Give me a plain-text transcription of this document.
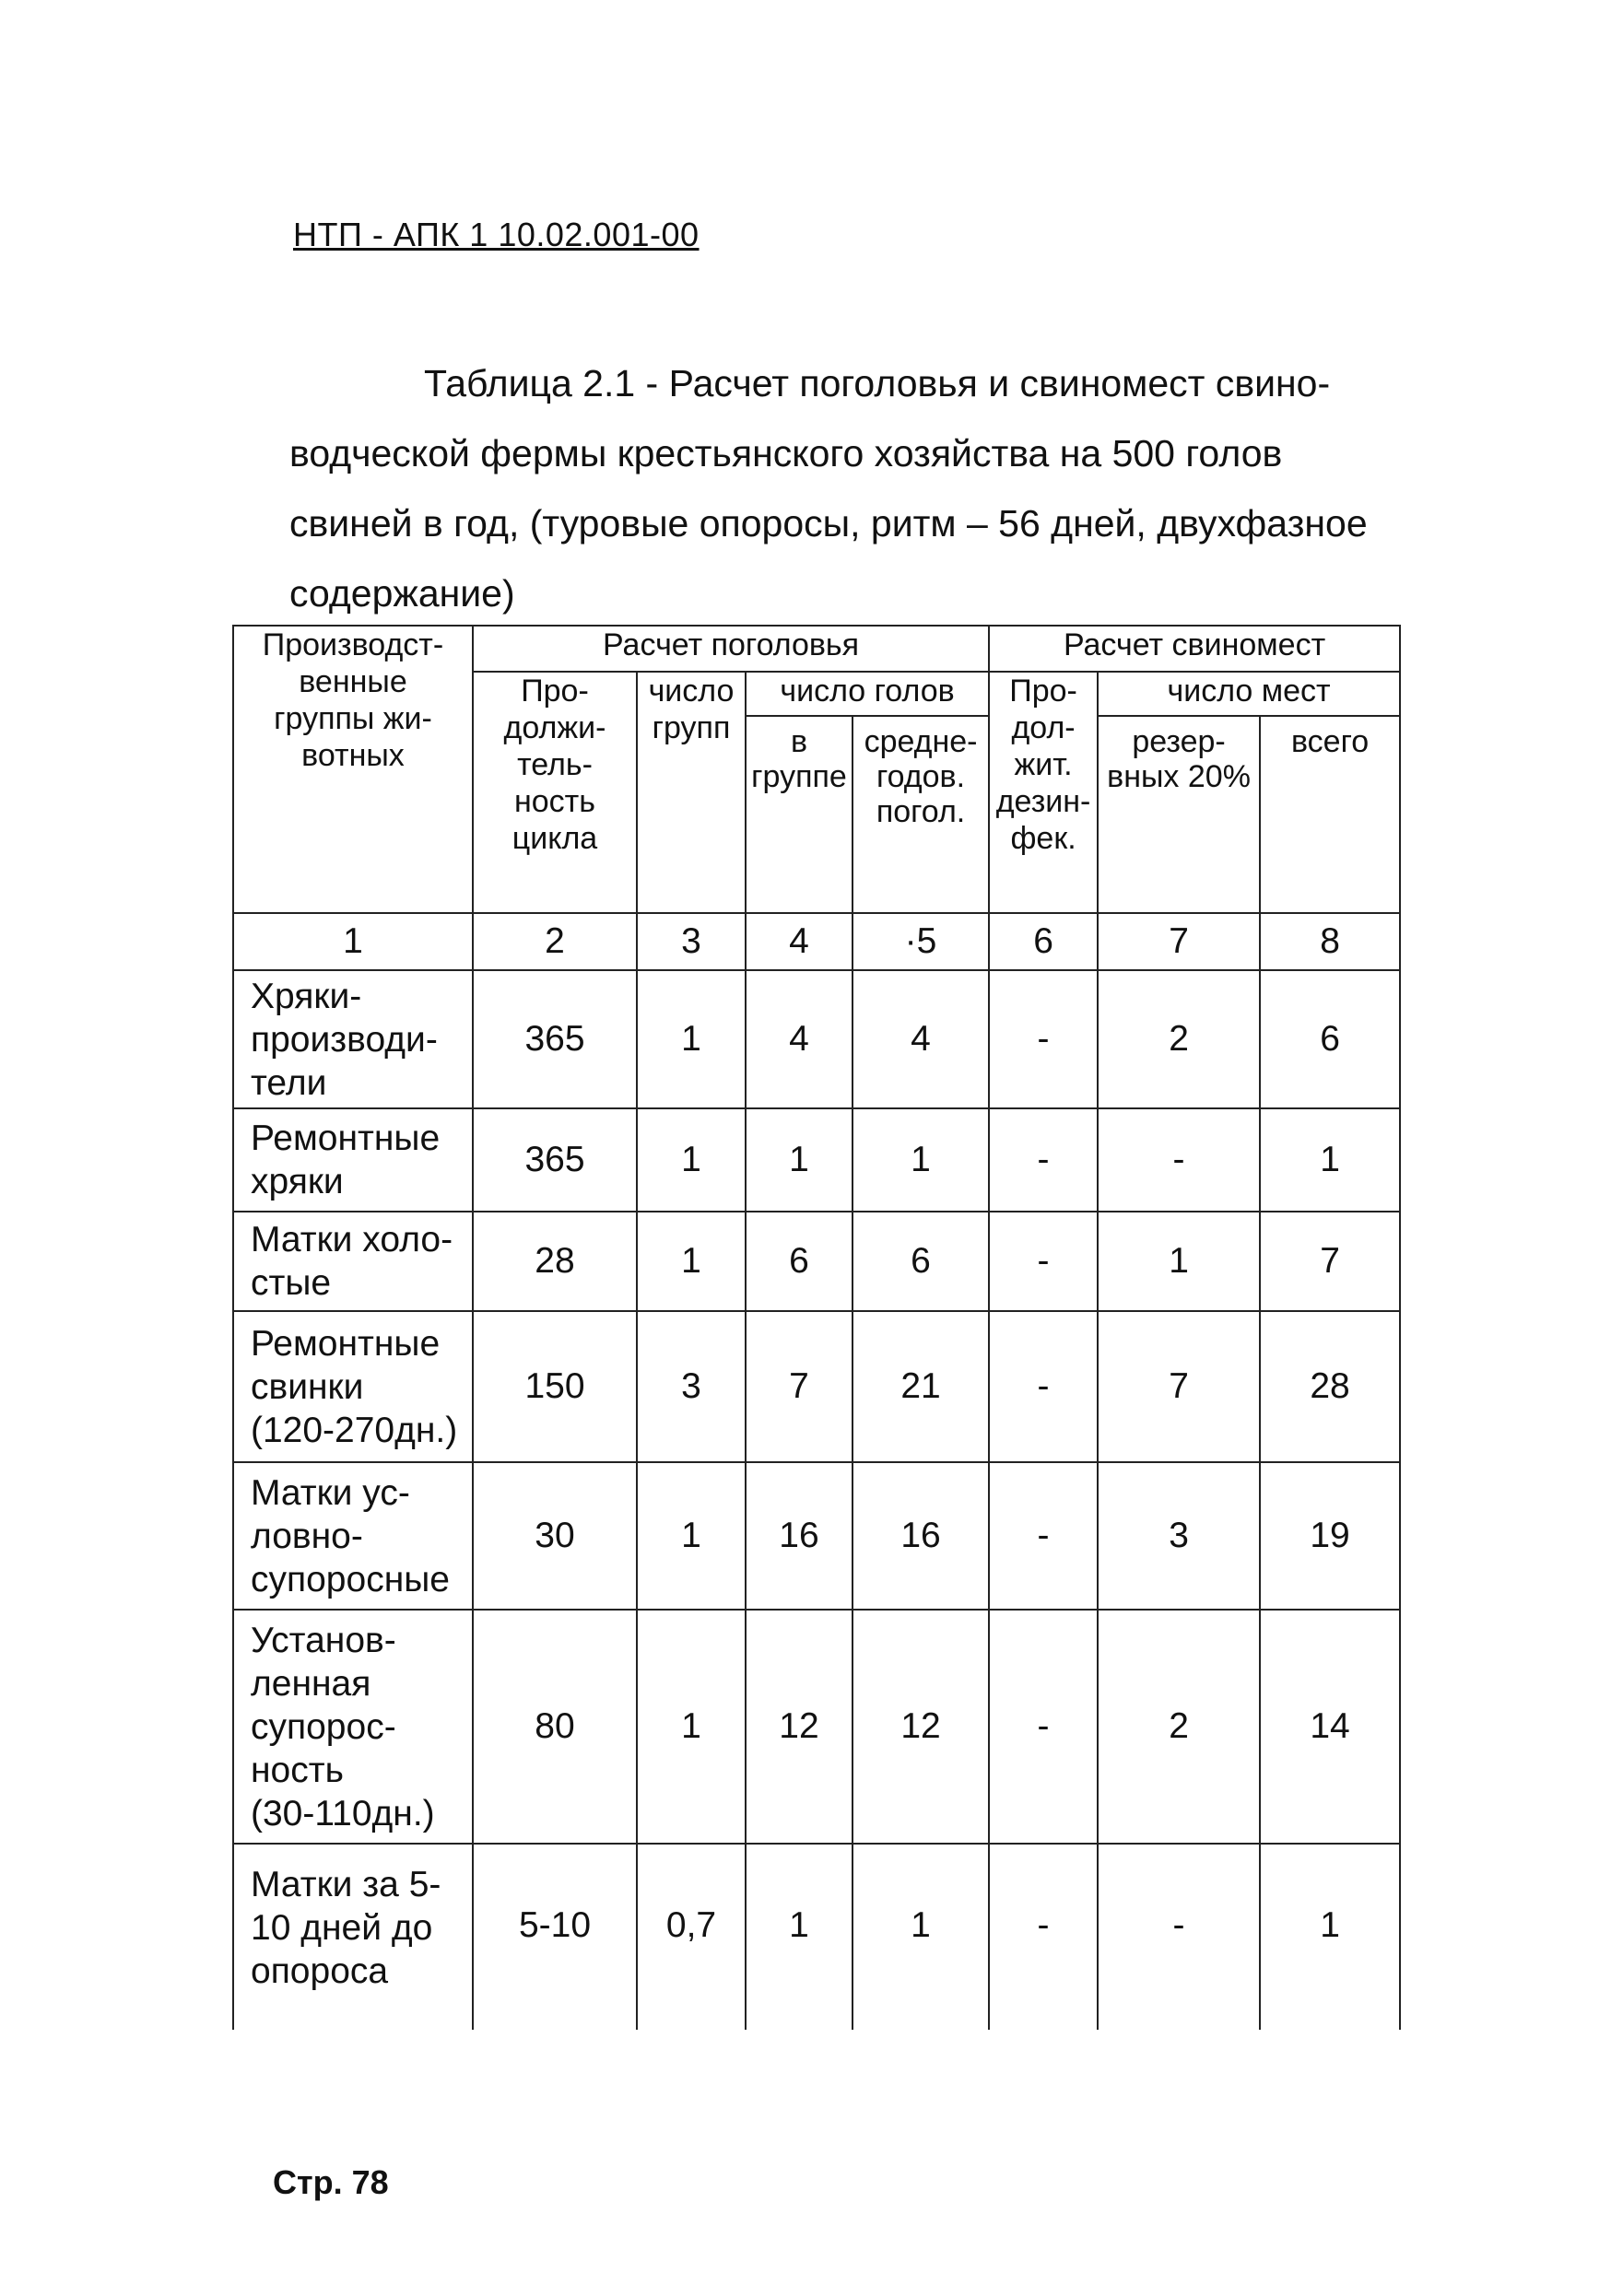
НТП - АПК 1 10.02.001-00
Таблица 2.1 - Расчет поголовья и свиномест свино-
водческой фермы крестьянского хозяйства на 500 голов
свиней в год, (туровые опоросы, ритм – 56 дней, двухфазное
содержание)
Производст-
венные
группы жи-
вотных	Расчет поголовья				Расчет свиномест		
	Про-
должи-
тель-
ность
цикла	число
групп	число голов		Про-
дол-
жит.
дезин-
фек.	число мест	
			в
группе	средне-
годов.
погол.		резер-
вных 20%	всего
1	2	3	4	·5	6	7	8
Хряки-
производи-
тели	365	1	4	4	-	2	6
Ремонтные
хряки	365	1	1	1	-	-	1
Матки холо-
стые	28	1	6	6	-	1	7
Ремонтные
свинки
(120-270дн.)	150	3	7	21	-	7	28
Матки ус-
ловно-
супоросные	30	1	16	16	-	3	19
Установ-
ленная
супорос-
ность
(30-110дн.)	80	1	12	12	-	2	14
Матки за 5-
10 дней до
опороса	5-10	0,7	1	1	-	-	1
Стр. 78
